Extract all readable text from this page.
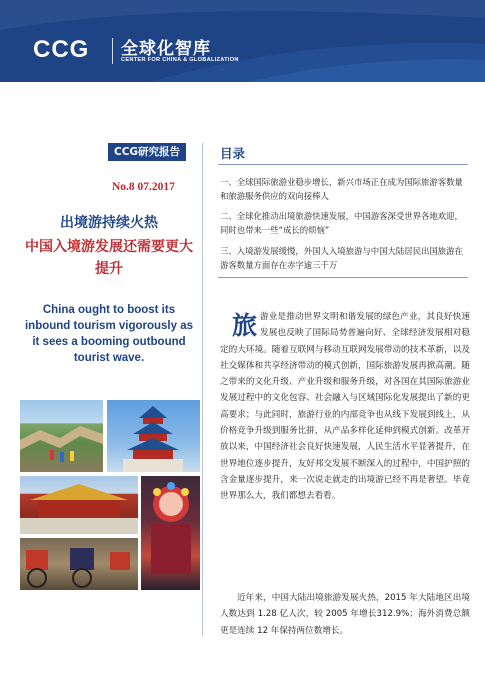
CCG 全球化智库
CENTER FOR CHINA & GLOBALIZATION
CCG研究报告
No.8 07.2017
出境游持续火热
中国入境游发展还需要更大提升
China ought to boost its inbound tourism vigorously as it sees a booming outbound tourist wave.
目录
一、全球国际旅游业稳步增长，新兴市场正在成为国际旅游客数量和旅游服务供应的双向接棒人
二、全球化推动出境旅游快速发展，中国游客深受世界各地欢迎，同时也带来一些“成长的烦恼”
三、入境游发展缓慢，外国人入境旅游与中国大陆居民出国旅游在游客数量方面存在赤字逾三千万
旅 游业是推动世界文明和谐发展的绿色产业，其良好快速发展也反映了国际局势普遍向好、全球经济发展相对稳定的大环境。随着互联网与移动互联网发展带动的技术革新，以及社交媒体和共享经济带动的模式创新，国际旅游发展再掀高潮。随之带来的文化升级、产业升级和服务升级，对各国在其国际旅游业发展过程中的文化包容、社会融入与区域国际化发展提出了新的更高要求；与此同时，旅游行业的内部竞争也从线下发展到线上，从价格竞争升级到服务比拼，从产品多样化延伸到模式创新。改革开放以来，中国经济社会良好快速发展，人民生活水平显著提升，在世界地位逐步提升，友好邦交发展不断深入的过程中，中国护照的含金量逐步提升，来一次说走就走的出境游已经不再是奢望。毕竟世界那么大，我们都想去看看。
近年来，中国大陆出境旅游发展火热，2015 年大陆地区出境人数达到 1.28 亿人次，较 2005 年增长312.9%；海外消费总额更是连续 12 年保持两位数增长。
